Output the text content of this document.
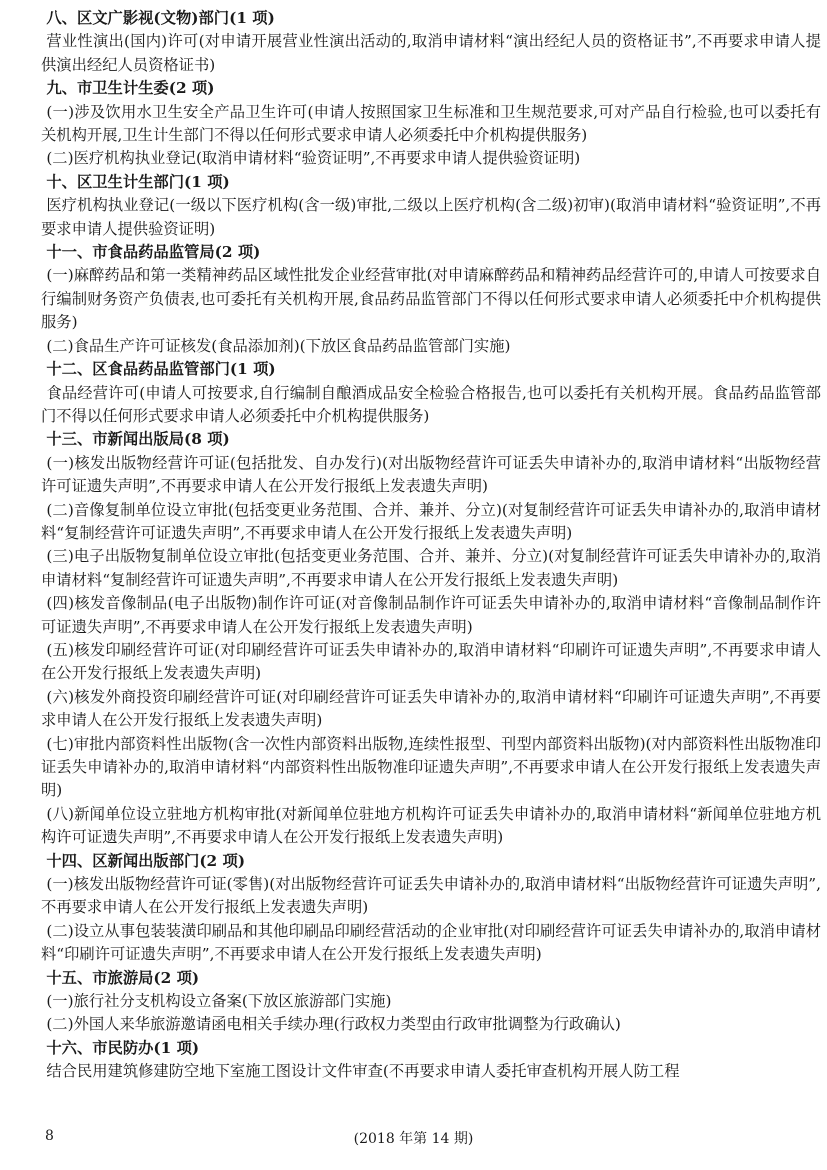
八、区文广影视(文物)部门(1 项)

营业性演出(国内)许可(对申请开展营业性演出活动的,取消申请材料“演出经纪人员的资格证书”,不再要求申请人提供演出经纪人员资格证书)

九、市卫生计生委(2 项)

(一)涉及饮用水卫生安全产品卫生许可(申请人按照国家卫生标准和卫生规范要求,可对产品自行检验,也可以委托有关机构开展,卫生计生部门不得以任何形式要求申请人必须委托中介机构提供服务)

(二)医疗机构执业登记(取消申请材料“验资证明”,不再要求申请人提供验资证明)

十、区卫生计生部门(1 项)

医疗机构执业登记(一级以下医疗机构(含一级)审批,二级以上医疗机构(含二级)初审)(取消申请材料“验资证明”,不再要求申请人提供验资证明)

十一、市食品药品监管局(2 项)

(一)麻醉药品和第一类精神药品区域性批发企业经营审批(对申请麻醉药品和精神药品经营许可的,申请人可按要求自行编制财务资产负债表,也可委托有关机构开展,食品药品监管部门不得以任何形式要求申请人必须委托中介机构提供服务)

(二)食品生产许可证核发(食品添加剂)(下放区食品药品监管部门实施)

十二、区食品药品监管部门(1 项)

食品经营许可(申请人可按要求,自行编制自酿酒成品安全检验合格报告,也可以委托有关机构开展。食品药品监管部门不得以任何形式要求申请人必须委托中介机构提供服务)

十三、市新闻出版局(8 项)

(一)核发出版物经营许可证(包括批发、自办发行)(对出版物经营许可证丢失申请补办的,取消申请材料“出版物经营许可证遗失声明”,不再要求申请人在公开发行报纸上发表遗失声明)

(二)音像复制单位设立审批(包括变更业务范围、合并、兼并、分立)(对复制经营许可证丢失申请补办的,取消申请材料“复制经营许可证遗失声明”,不再要求申请人在公开发行报纸上发表遗失声明)

(三)电子出版物复制单位设立审批(包括变更业务范围、合并、兼并、分立)(对复制经营许可证丢失申请补办的,取消申请材料“复制经营许可证遗失声明”,不再要求申请人在公开发行报纸上发表遗失声明)

(四)核发音像制品(电子出版物)制作许可证(对音像制品制作许可证丢失申请补办的,取消申请材料“音像制品制作许可证遗失声明”,不再要求申请人在公开发行报纸上发表遗失声明)

(五)核发印刷经营许可证(对印刷经营许可证丢失申请补办的,取消申请材料“印刷许可证遗失声明”,不再要求申请人在公开发行报纸上发表遗失声明)

(六)核发外商投资印刷经营许可证(对印刷经营许可证丢失申请补办的,取消申请材料“印刷许可证遗失声明”,不再要求申请人在公开发行报纸上发表遗失声明)

(七)审批内部资料性出版物(含一次性内部资料出版物,连续性报型、刊型内部资料出版物)(对内部资料性出版物准印证丢失申请补办的,取消申请材料“内部资料性出版物准印证遗失声明”,不再要求申请人在公开发行报纸上发表遗失声明)

(八)新闻单位设立驻地方机构审批(对新闻单位驻地方机构许可证丢失申请补办的,取消申请材料“新闻单位驻地方机构许可证遗失声明”,不再要求申请人在公开发行报纸上发表遗失声明)

十四、区新闻出版部门(2 项)

(一)核发出版物经营许可证(零售)(对出版物经营许可证丢失申请补办的,取消申请材料“出版物经营许可证遗失声明”,不再要求申请人在公开发行报纸上发表遗失声明)

(二)设立从事包装装潢印刷品和其他印刷品印刷经营活动的企业审批(对印刷经营许可证丢失申请补办的,取消申请材料“印刷许可证遗失声明”,不再要求申请人在公开发行报纸上发表遗失声明)

十五、市旅游局(2 项)

(一)旅行社分支机构设立备案(下放区旅游部门实施)

(二)外国人来华旅游邀请函电相关手续办理(行政权力类型由行政审批调整为行政确认)

十六、市民防办(1 项)

结合民用建筑修建防空地下室施工图设计文件审查(不再要求申请人委托审查机构开展人防工程

8	(2018 年第 14 期)
